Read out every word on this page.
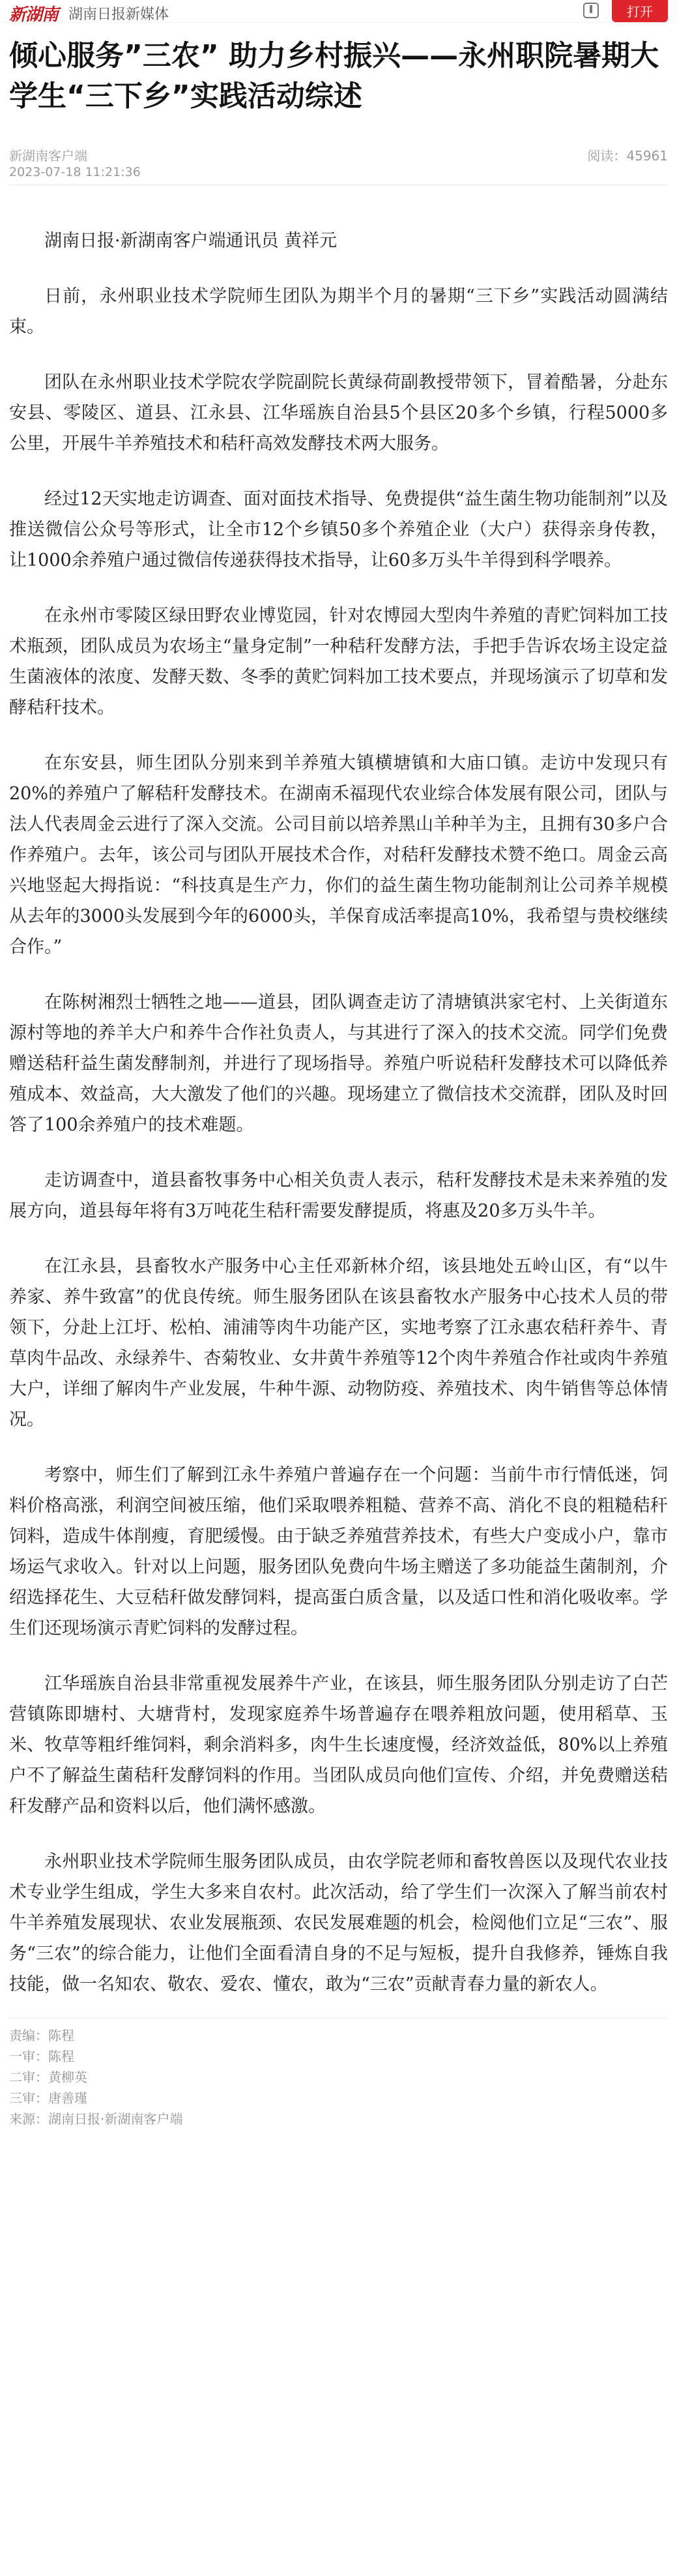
新湖南 湖南日报新媒体	打开
倾心服务”三农” 助力乡村振兴——永州职院暑期大学生“三下乡”实践活动综述
新湖南客户端
2023-07-18 11:21:36
阅读：45961

湖南日报·新湖南客户端通讯员 黄祥元

日前，永州职业技术学院师生团队为期半个月的暑期“三下乡”实践活动圆满结束。

团队在永州职业技术学院农学院副院长黄绿荷副教授带领下，冒着酷暑，分赴东安县、零陵区、道县、江永县、江华瑶族自治县5个县区20多个乡镇，行程5000多公里，开展牛羊养殖技术和秸秆高效发酵技术两大服务。

经过12天实地走访调查、面对面技术指导、免费提供“益生菌生物功能制剂”以及推送微信公众号等形式，让全市12个乡镇50多个养殖企业（大户）获得亲身传教，让1000余养殖户通过微信传递获得技术指导，让60多万头牛羊得到科学喂养。

在永州市零陵区绿田野农业博览园，针对农博园大型肉牛养殖的青贮饲料加工技术瓶颈，团队成员为农场主“量身定制”一种秸秆发酵方法，手把手告诉农场主设定益生菌液体的浓度、发酵天数、冬季的黄贮饲料加工技术要点，并现场演示了切草和发酵秸秆技术。

在东安县，师生团队分别来到羊养殖大镇横塘镇和大庙口镇。走访中发现只有20%的养殖户了解秸秆发酵技术。在湖南禾福现代农业综合体发展有限公司，团队与法人代表周金云进行了深入交流。公司目前以培养黑山羊种羊为主，且拥有30多户合作养殖户。去年，该公司与团队开展技术合作，对秸秆发酵技术赞不绝口。周金云高兴地竖起大拇指说：“科技真是生产力，你们的益生菌生物功能制剂让公司养羊规模从去年的3000头发展到今年的6000头，羊保育成活率提高10%，我希望与贵校继续合作。”

在陈树湘烈士牺牲之地——道县，团队调查走访了清塘镇洪家宅村、上关街道东源村等地的养羊大户和养牛合作社负责人，与其进行了深入的技术交流。同学们免费赠送秸秆益生菌发酵制剂，并进行了现场指导。养殖户听说秸秆发酵技术可以降低养殖成本、效益高，大大激发了他们的兴趣。现场建立了微信技术交流群，团队及时回答了100余养殖户的技术难题。

走访调查中，道县畜牧事务中心相关负责人表示，秸秆发酵技术是未来养殖的发展方向，道县每年将有3万吨花生秸秆需要发酵提质，将惠及20多万头牛羊。

在江永县，县畜牧水产服务中心主任邓新林介绍，该县地处五岭山区，有“以牛养家、养牛致富”的优良传统。师生服务团队在该县畜牧水产服务中心技术人员的带领下，分赴上江圩、松柏、浦浦等肉牛功能产区，实地考察了江永惠农秸秆养牛、青草肉牛品改、永绿养牛、杏菊牧业、女井黄牛养殖等12个肉牛养殖合作社或肉牛养殖大户，详细了解肉牛产业发展，牛种牛源、动物防疫、养殖技术、肉牛销售等总体情况。

考察中，师生们了解到江永牛养殖户普遍存在一个问题：当前牛市行情低迷，饲料价格高涨，利润空间被压缩，他们采取喂养粗糙、营养不高、消化不良的粗糙秸秆饲料，造成牛体削瘦，育肥缓慢。由于缺乏养殖营养技术，有些大户变成小户，靠市场运气求收入。针对以上问题，服务团队免费向牛场主赠送了多功能益生菌制剂，介绍选择花生、大豆秸秆做发酵饲料，提高蛋白质含量，以及适口性和消化吸收率。学生们还现场演示青贮饲料的发酵过程。

江华瑶族自治县非常重视发展养牛产业，在该县，师生服务团队分别走访了白芒营镇陈即塘村、大塘背村，发现家庭养牛场普遍存在喂养粗放问题，使用稻草、玉米、牧草等粗纤维饲料，剩余消料多，肉牛生长速度慢，经济效益低，80%以上养殖户不了解益生菌秸秆发酵饲料的作用。当团队成员向他们宣传、介绍，并免费赠送秸秆发酵产品和资料以后，他们满怀感激。

永州职业技术学院师生服务团队成员，由农学院老师和畜牧兽医以及现代农业技术专业学生组成，学生大多来自农村。此次活动，给了学生们一次深入了解当前农村牛羊养殖发展现状、农业发展瓶颈、农民发展难题的机会，检阅他们立足“三农”、服务“三农”的综合能力，让他们全面看清自身的不足与短板，提升自我修养，锤炼自我技能，做一名知农、敬农、爱农、懂农，敢为“三农”贡献青春力量的新农人。

责编：陈程
一审：陈程
二审：黄柳英
三审：唐善瑾
来源：湖南日报·新湖南客户端
